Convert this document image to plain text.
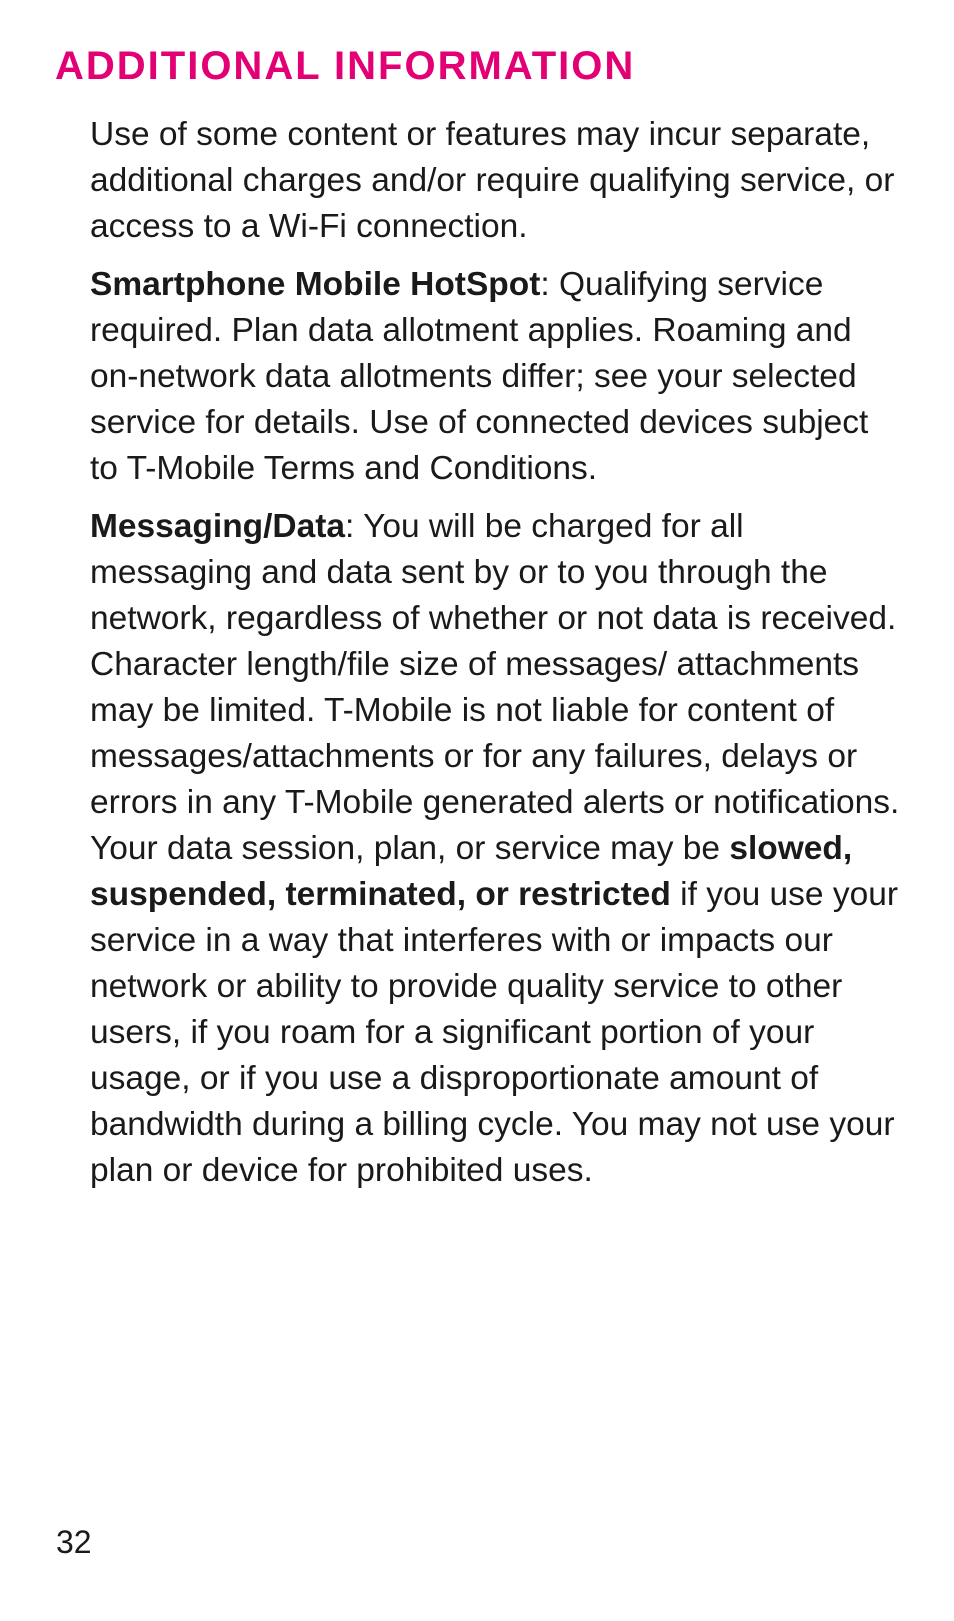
ADDITIONAL INFORMATION

Use of some content or features may incur separate, additional charges and/or require qualifying service, or access to a Wi-Fi connection.

Smartphone Mobile HotSpot: Qualifying service required. Plan data allotment applies. Roaming and on-network data allotments differ; see your selected service for details. Use of connected devices subject to T-Mobile Terms and Conditions.

Messaging/Data: You will be charged for all messaging and data sent by or to you through the network, regardless of whether or not data is received. Character length/file size of messages/ attachments may be limited. T-Mobile is not liable for content of messages/attachments or for any failures, delays or errors in any T-Mobile generated alerts or notifications. Your data session, plan, or service may be slowed, suspended, terminated, or restricted if you use your service in a way that interferes with or impacts our network or ability to provide quality service to other users, if you roam for a significant portion of your usage, or if you use a disproportionate amount of bandwidth during a billing cycle. You may not use your plan or device for prohibited uses.

32
